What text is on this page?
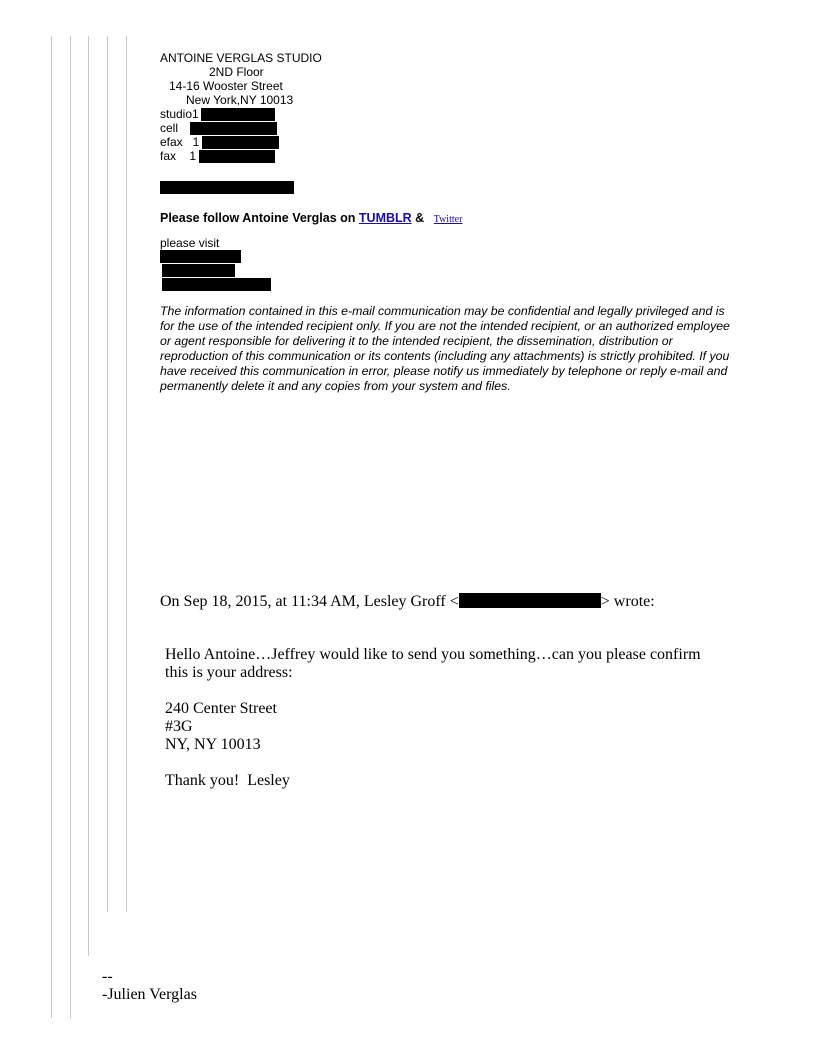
ANTOINE VERGLAS STUDIO
2ND Floor
14-16 Wooster Street
New York,NY 10013
studio1
cell
efax   1
fax    1
Please follow Antoine Verglas on TUMBLR & Twitter
please visit
The information contained in this e-mail communication may be confidential and legally privileged and is for the use of the intended recipient only. If you are not the intended recipient, or an authorized employee or agent responsible for delivering it to the intended recipient, the dissemination, distribution or reproduction of this communication or its contents (including any attachments) is strictly prohibited. If you have received this communication in error, please notify us immediately by telephone or reply e-mail and permanently delete it and any copies from your system and files.
On Sep 18, 2015, at 11:34 AM, Lesley Groff <	> wrote:
Hello Antoine…Jeffrey would like to send you something…can you please confirm
this is your address:
240 Center Street
#3G
NY, NY 10013
Thank you!  Lesley
--
-Julien Verglas
